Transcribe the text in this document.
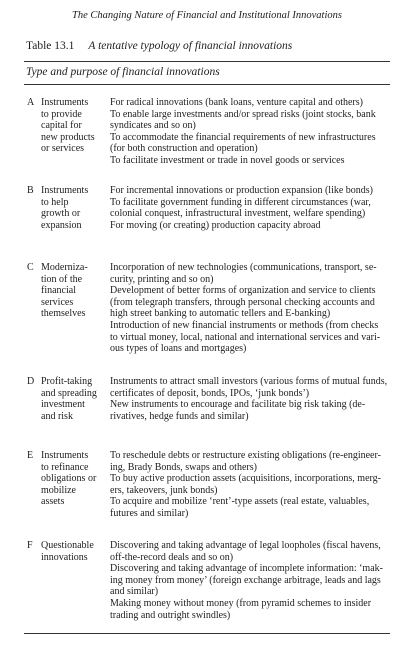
The Changing Nature of Financial and Institutional Innovations
Table 13.1 A tentative typology of financial innovations
Type and purpose of financial innovations
A Instruments
to provide
capital for
new products
or services
For radical innovations (bank loans, venture capital and others)
To enable large investments and/or spread risks (joint stocks, bank
syndicates and so on)
To accommodate the financial requirements of new infrastructures
(for both construction and operation)
To facilitate investment or trade in novel goods or services
B Instruments
to help
growth or
expansion
For incremental innovations or production expansion (like bonds)
To facilitate government funding in different circumstances (war,
colonial conquest, infrastructural investment, welfare spending)
For moving (or creating) production capacity abroad
C Moderniza-
tion of the
financial
services
themselves
Incorporation of new technologies (communications, transport, se-
curity, printing and so on)
Development of better forms of organization and service to clients
(from telegraph transfers, through personal checking accounts and
high street banking to automatic tellers and E-banking)
Introduction of new financial instruments or methods (from checks
to virtual money, local, national and international services and vari-
ous types of loans and mortgages)
D Profit-taking
and spreading
investment
and risk
Instruments to attract small investors (various forms of mutual funds,
certificates of deposit, bonds, IPOs, ‘junk bonds’)
New instruments to encourage and facilitate big risk taking (de-
rivatives, hedge funds and similar)
E Instruments
to refinance
obligations or
mobilize
assets
To reschedule debts or restructure existing obligations (re-engineer-
ing, Brady Bonds, swaps and others)
To buy active production assets (acquisitions, incorporations, merg-
ers, takeovers, junk bonds)
To acquire and mobilize ‘rent’-type assets (real estate, valuables,
futures and similar)
F Questionable
innovations
Discovering and taking advantage of legal loopholes (fiscal havens,
off-the-record deals and so on)
Discovering and taking advantage of incomplete information: ‘mak-
ing money from money’ (foreign exchange arbitrage, leads and lags
and similar)
Making money without money (from pyramid schemes to insider
trading and outright swindles)
